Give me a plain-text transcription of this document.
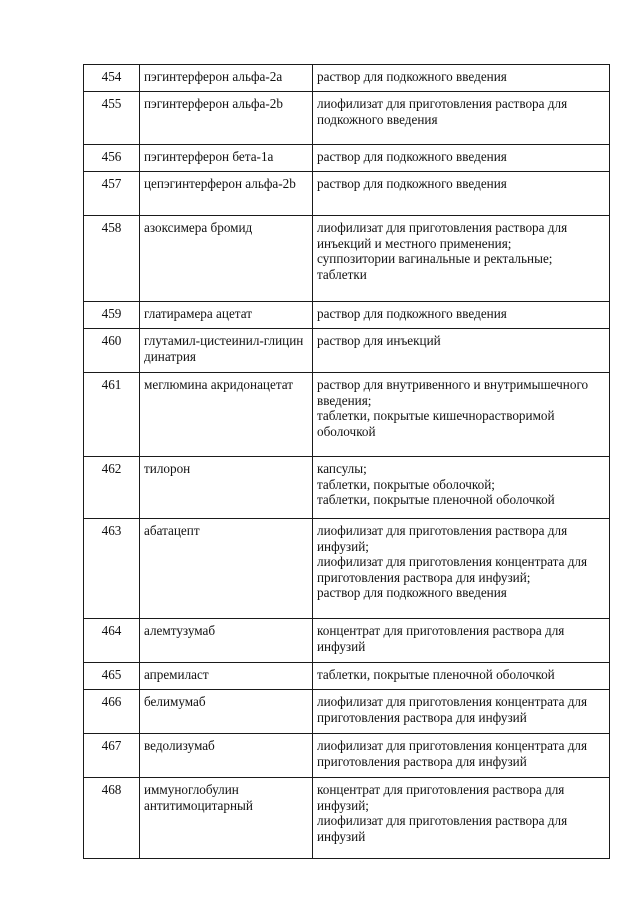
454	пэгинтерферон альфа-2a	раствор для подкожного введения

455	пэгинтерферон альфа-2b	лиофилизат для приготовления раствора для подкожного введения

456	пэгинтерферон бета-1a	раствор для подкожного введения

457	цепэгинтерферон альфа-2b	раствор для подкожного введения

458	азоксимера бромид	лиофилизат для приготовления раствора для инъекций и местного применения;
суппозитории вагинальные и ректальные;
таблетки

459	глатирамера ацетат	раствор для подкожного введения

460	глутамил-цистеинил-глицин динатрия	раствор для инъекций

461	меглюмина акридонацетат	раствор для внутривенного и внутримышечного введения;
таблетки, покрытые кишечнорастворимой оболочкой

462	тилорон	капсулы;
таблетки, покрытые оболочкой;
таблетки, покрытые пленочной оболочкой

463	абатацепт	лиофилизат для приготовления раствора для инфузий;
лиофилизат для приготовления концентрата для приготовления раствора для инфузий;
раствор для подкожного введения

464	алемтузумаб	концентрат для приготовления раствора для инфузий

465	апремиласт	таблетки, покрытые пленочной оболочкой

466	белимумаб	лиофилизат для приготовления концентрата для приготовления раствора для инфузий

467	ведолизумаб	лиофилизат для приготовления концентрата для приготовления раствора для инфузий

468	иммуноглобулин антитимоцитарный	концентрат для приготовления раствора для инфузий;
лиофилизат для приготовления раствора для инфузий
